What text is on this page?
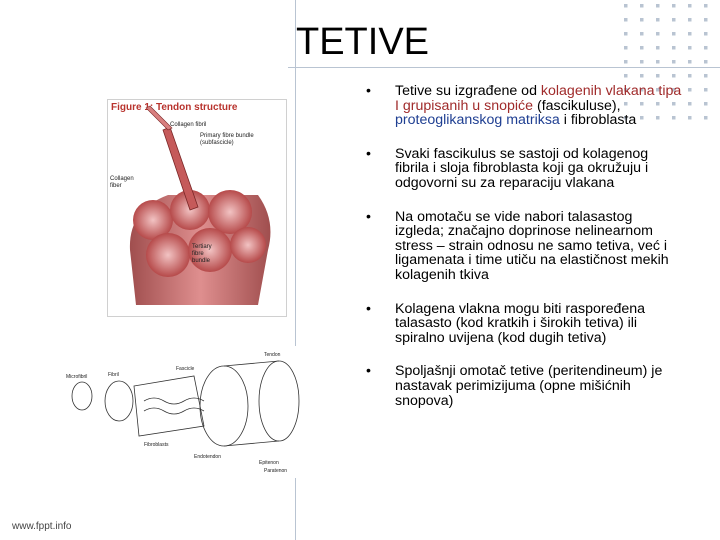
TETIVE
Figure 1: Tendon structure
Collagen fibril
Primary fibre bundle
(subfascicle)
Collagen
fiber
Tertiary
fibre
bundle
Paratenon
Microfibril	Fibril
Fascicle
Fibroblasts
Endotendon
Tendon
Epitenon
Paratenon
• Tetive su izgrađene od kolagenih vlakana tipa I grupisanih u snopiće (fascikuluse), proteoglikanskog matriksa i fibroblasta
• Svaki fascikulus se sastoji od kolagenog fibrila i sloja fibroblasta koji ga okružuju i odgovorni su za reparaciju vlakana
• Na omotaču se vide nabori talasastog izgleda; značajno doprinose nelinearnom stress – strain odnosu ne samo tetiva, već i ligamenata i time utiču na elastičnost mekih kolagenih tkiva
• Kolagena vlakna mogu biti raspoređena talasasto (kod kratkih i širokih tetiva) ili spiralno uvijena (kod dugih tetiva)
• Spoljašnji omotač tetive (peritendineum) je nastavak perimizijuma (opne mišićnih snopova)
www.fppt.info
